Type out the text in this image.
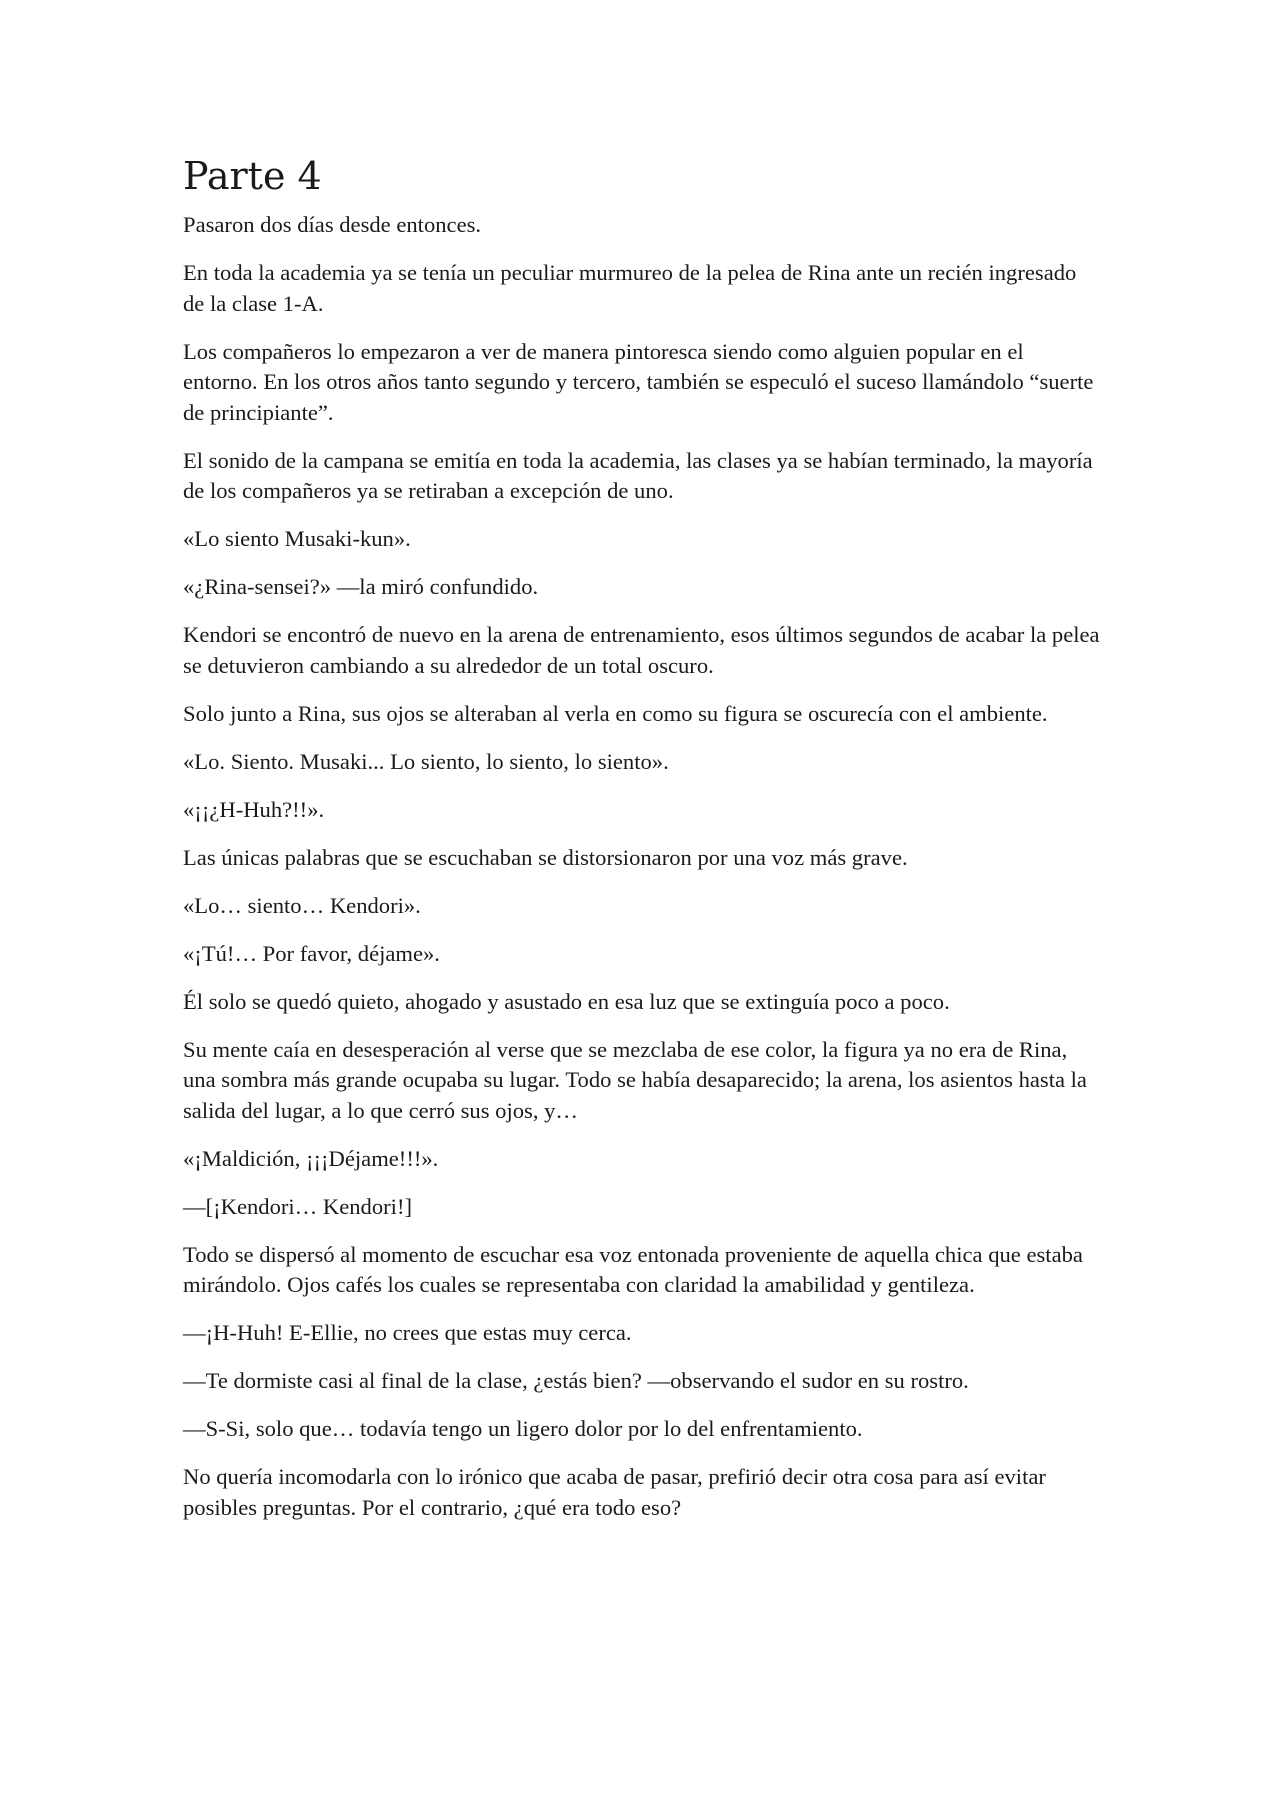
Parte 4

Pasaron dos días desde entonces.

En toda la academia ya se tenía un peculiar murmureo de la pelea de Rina ante un recién ingresado de la clase 1-A.

Los compañeros lo empezaron a ver de manera pintoresca siendo como alguien popular en el entorno. En los otros años tanto segundo y tercero, también se especuló el suceso llamándolo “suerte de principiante”.

El sonido de la campana se emitía en toda la academia, las clases ya se habían terminado, la mayoría de los compañeros ya se retiraban a excepción de uno.

«Lo siento Musaki-kun».

«¿Rina-sensei?» —la miró confundido.

Kendori se encontró de nuevo en la arena de entrenamiento, esos últimos segundos de acabar la pelea se detuvieron cambiando a su alrededor de un total oscuro.

Solo junto a Rina, sus ojos se alteraban al verla en como su figura se oscurecía con el ambiente.

«Lo. Siento. Musaki... Lo siento, lo siento, lo siento».

«¡¡¿H-Huh?!!».

Las únicas palabras que se escuchaban se distorsionaron por una voz más grave.

«Lo… siento… Kendori».

«¡Tú!… Por favor, déjame».

Él solo se quedó quieto, ahogado y asustado en esa luz que se extinguía poco a poco.

Su mente caía en desesperación al verse que se mezclaba de ese color, la figura ya no era de Rina, una sombra más grande ocupaba su lugar. Todo se había desaparecido; la arena, los asientos hasta la salida del lugar, a lo que cerró sus ojos, y…

«¡Maldición, ¡¡¡Déjame!!!».

—[¡Kendori… Kendori!]

Todo se dispersó al momento de escuchar esa voz entonada proveniente de aquella chica que estaba mirándolo. Ojos cafés los cuales se representaba con claridad la amabilidad y gentileza.

—¡H-Huh! E-Ellie, no crees que estas muy cerca.

—Te dormiste casi al final de la clase, ¿estás bien? —observando el sudor en su rostro.

—S-Si, solo que… todavía tengo un ligero dolor por lo del enfrentamiento.

No quería incomodarla con lo irónico que acaba de pasar, prefirió decir otra cosa para así evitar posibles preguntas. Por el contrario, ¿qué era todo eso?
